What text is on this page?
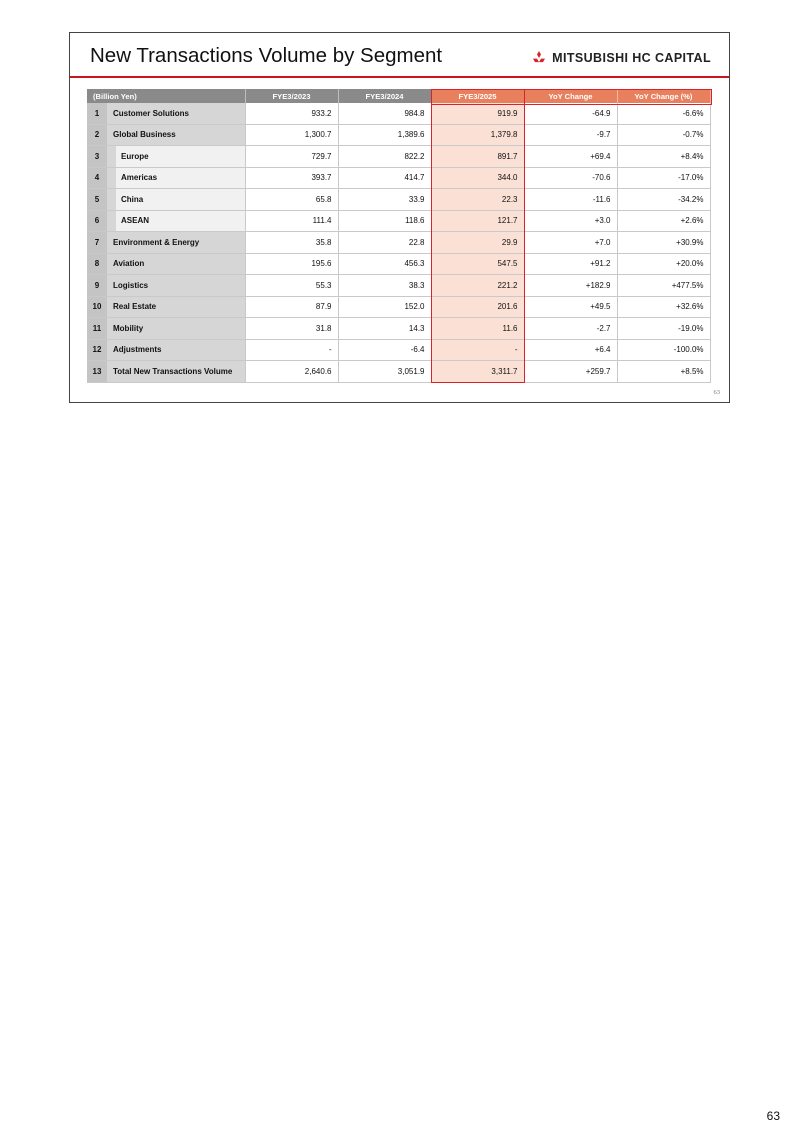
New Transactions Volume by Segment	MITSUBISHI HC CAPITAL
(Billion Yen)		FYE3/2023	FYE3/2024	FYE3/2025	YoY Change	YoY Change (%)
1	Customer Solutions	933.2	984.8	919.9	-64.9	-6.6%
2	Global Business	1,300.7	1,389.6	1,379.8	-9.7	-0.7%
3	Europe	729.7	822.2	891.7	+69.4	+8.4%
4	Americas	393.7	414.7	344.0	-70.6	-17.0%
5	China	65.8	33.9	22.3	-11.6	-34.2%
6	ASEAN	111.4	118.6	121.7	+3.0	+2.6%
7	Environment & Energy	35.8	22.8	29.9	+7.0	+30.9%
8	Aviation	195.6	456.3	547.5	+91.2	+20.0%
9	Logistics	55.3	38.3	221.2	+182.9	+477.5%
10	Real Estate	87.9	152.0	201.6	+49.5	+32.6%
11	Mobility	31.8	14.3	11.6	-2.7	-19.0%
12	Adjustments	-	-6.4	-	+6.4	-100.0%
13	Total New Transactions Volume	2,640.6	3,051.9	3,311.7	+259.7	+8.5%
63
63
